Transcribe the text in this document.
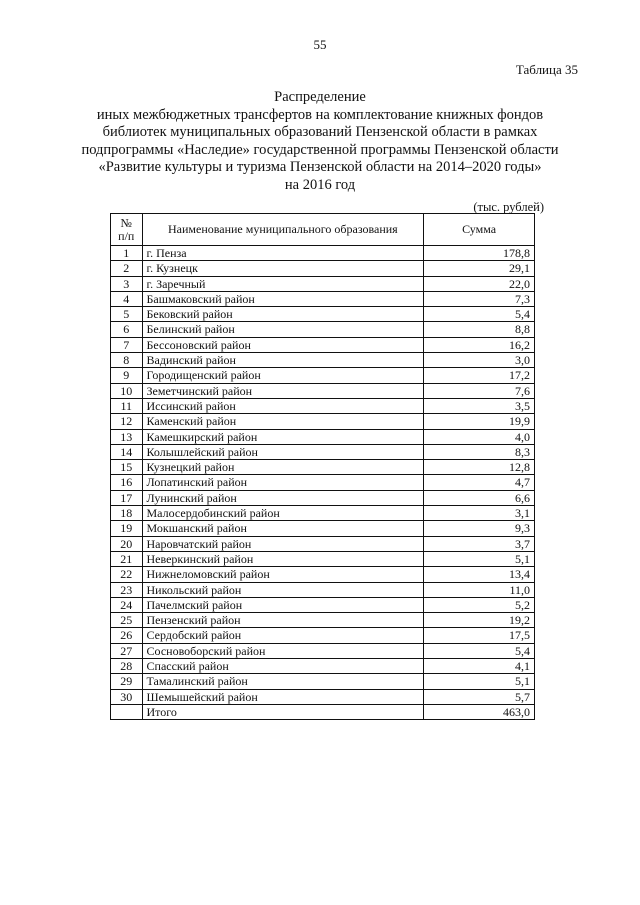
55
Таблица 35
Распределение
иных межбюджетных трансфертов на комплектование книжных фондов
библиотек муниципальных образований Пензенской области в рамках
подпрограммы «Наследие» государственной программы Пензенской области
«Развитие культуры и туризма Пензенской области на 2014–2020 годы»
на 2016 год
(тыс. рублей)
№
п/п	Наименование муниципального образования	Сумма
1	г. Пенза	178,8
2	г. Кузнецк	29,1
3	г. Заречный	22,0
4	Башмаковский район	7,3
5	Бековский район	5,4
6	Белинский район	8,8
7	Бессоновский район	16,2
8	Вадинский район	3,0
9	Городищенский район	17,2
10	Земетчинский район	7,6
11	Иссинский район	3,5
12	Каменский район	19,9
13	Камешкирский район	4,0
14	Колышлейский район	8,3
15	Кузнецкий район	12,8
16	Лопатинский район	4,7
17	Лунинский район	6,6
18	Малосердобинский район	3,1
19	Мокшанский район	9,3
20	Наровчатский район	3,7
21	Неверкинский район	5,1
22	Нижнеломовский район	13,4
23	Никольский район	11,0
24	Пачелмский район	5,2
25	Пензенский район	19,2
26	Сердобский район	17,5
27	Сосновоборский район	5,4
28	Спасский район	4,1
29	Тамалинский район	5,1
30	Шемышейский район	5,7
	Итого	463,0
